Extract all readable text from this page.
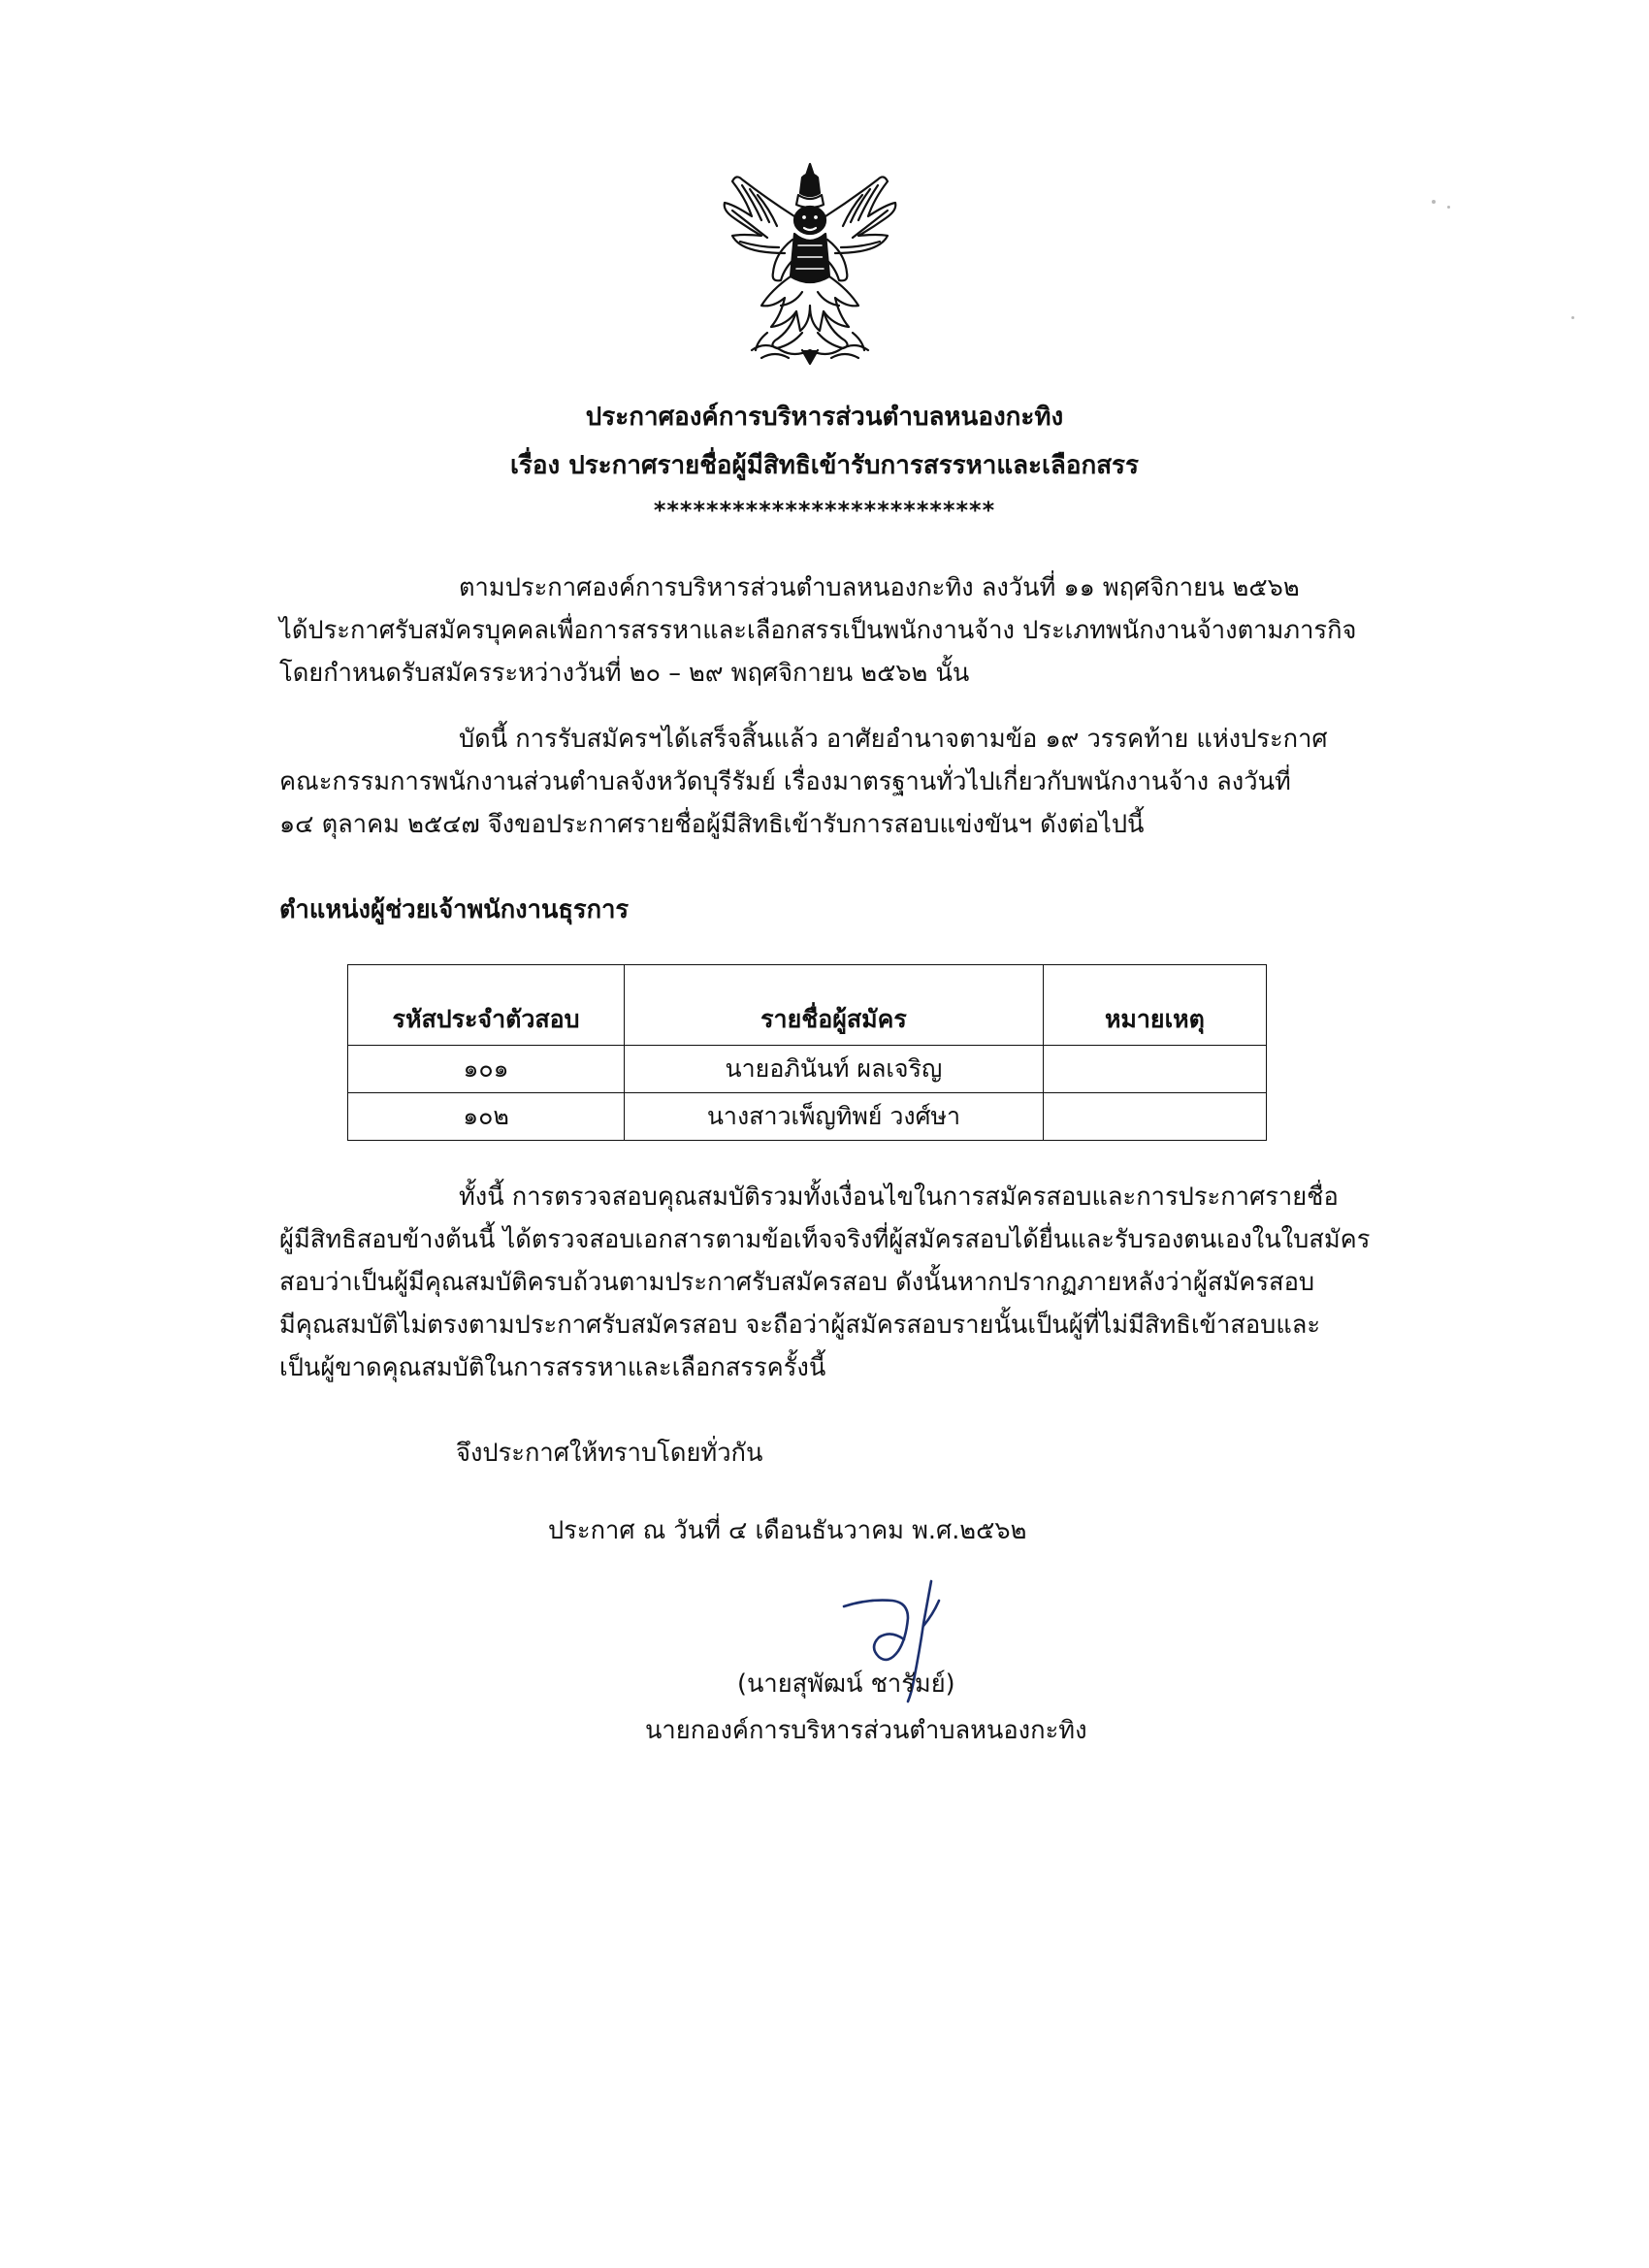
ประกาศองค์การบริหารส่วนตำบลหนองกะทิง
เรื่อง ประกาศรายชื่อผู้มีสิทธิเข้ารับการสรรหาและเลือกสรร
**************************
ตามประกาศองค์การบริหารส่วนตำบลหนองกะทิง ลงวันที่ ๑๑ พฤศจิกายน ๒๕๖๒
ได้ประกาศรับสมัครบุคคลเพื่อการสรรหาและเลือกสรรเป็นพนักงานจ้าง ประเภทพนักงานจ้างตามภารกิจ
โดยกำหนดรับสมัครระหว่างวันที่ ๒๐ – ๒๙ พฤศจิกายน ๒๕๖๒ นั้น
บัดนี้ การรับสมัครฯได้เสร็จสิ้นแล้ว อาศัยอำนาจตามข้อ ๑๙ วรรคท้าย แห่งประกาศ
คณะกรรมการพนักงานส่วนตำบลจังหวัดบุรีรัมย์ เรื่องมาตรฐานทั่วไปเกี่ยวกับพนักงานจ้าง ลงวันที่
๑๔ ตุลาคม ๒๕๔๗ จึงขอประกาศรายชื่อผู้มีสิทธิเข้ารับการสอบแข่งขันฯ ดังต่อไปนี้
ตำแหน่งผู้ช่วยเจ้าพนักงานธุรการ
รหัสประจำตัวสอบ	รายชื่อผู้สมัคร	หมายเหตุ
๑๐๑	นายอภินันท์ ผลเจริญ	
๑๐๒	นางสาวเพ็ญทิพย์ วงศ์ษา	
ทั้งนี้ การตรวจสอบคุณสมบัติรวมทั้งเงื่อนไขในการสมัครสอบและการประกาศรายชื่อ
ผู้มีสิทธิสอบข้างต้นนี้ ได้ตรวจสอบเอกสารตามข้อเท็จจริงที่ผู้สมัครสอบได้ยื่นและรับรองตนเองในใบสมัคร
สอบว่าเป็นผู้มีคุณสมบัติครบถ้วนตามประกาศรับสมัครสอบ ดังนั้นหากปรากฏภายหลังว่าผู้สมัครสอบ
มีคุณสมบัติไม่ตรงตามประกาศรับสมัครสอบ จะถือว่าผู้สมัครสอบรายนั้นเป็นผู้ที่ไม่มีสิทธิเข้าสอบและ
เป็นผู้ขาดคุณสมบัติในการสรรหาและเลือกสรรครั้งนี้
จึงประกาศให้ทราบโดยทั่วกัน
ประกาศ ณ วันที่ ๔ เดือนธันวาคม พ.ศ.๒๕๖๒
(นายสุพัฒน์ ชารัมย์)
นายกองค์การบริหารส่วนตำบลหนองกะทิง
